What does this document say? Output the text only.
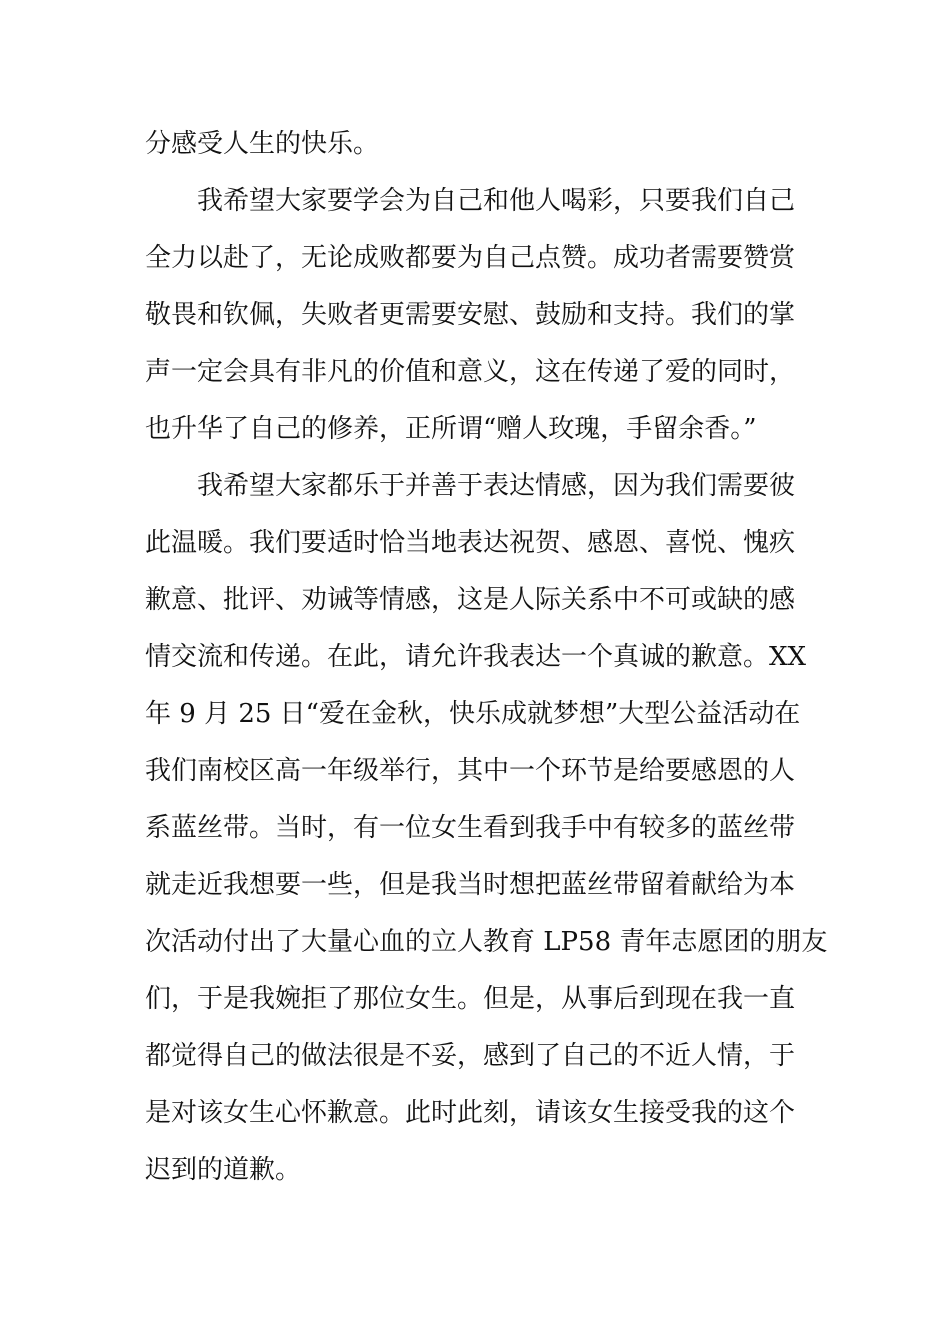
分感受人生的快乐。
我希望大家要学会为自己和他人喝彩，只要我们自己
全力以赴了，无论成败都要为自己点赞。成功者需要赞赏
敬畏和钦佩，失败者更需要安慰、鼓励和支持。我们的掌
声一定会具有非凡的价值和意义，这在传递了爱的同时，
也升华了自己的修养，正所谓“赠人玫瑰，手留余香。”
我希望大家都乐于并善于表达情感，因为我们需要彼
此温暖。我们要适时恰当地表达祝贺、感恩、喜悦、愧疚
歉意、批评、劝诫等情感，这是人际关系中不可或缺的感
情交流和传递。在此，请允许我表达一个真诚的歉意。XX
年 9 月 25 日“爱在金秋，快乐成就梦想”大型公益活动在
我们南校区高一年级举行，其中一个环节是给要感恩的人
系蓝丝带。当时，有一位女生看到我手中有较多的蓝丝带
就走近我想要一些，但是我当时想把蓝丝带留着献给为本
次活动付出了大量心血的立人教育 LP58 青年志愿团的朋友
们，于是我婉拒了那位女生。但是，从事后到现在我一直
都觉得自己的做法很是不妥，感到了自己的不近人情，于
是对该女生心怀歉意。此时此刻，请该女生接受我的这个
迟到的道歉。
